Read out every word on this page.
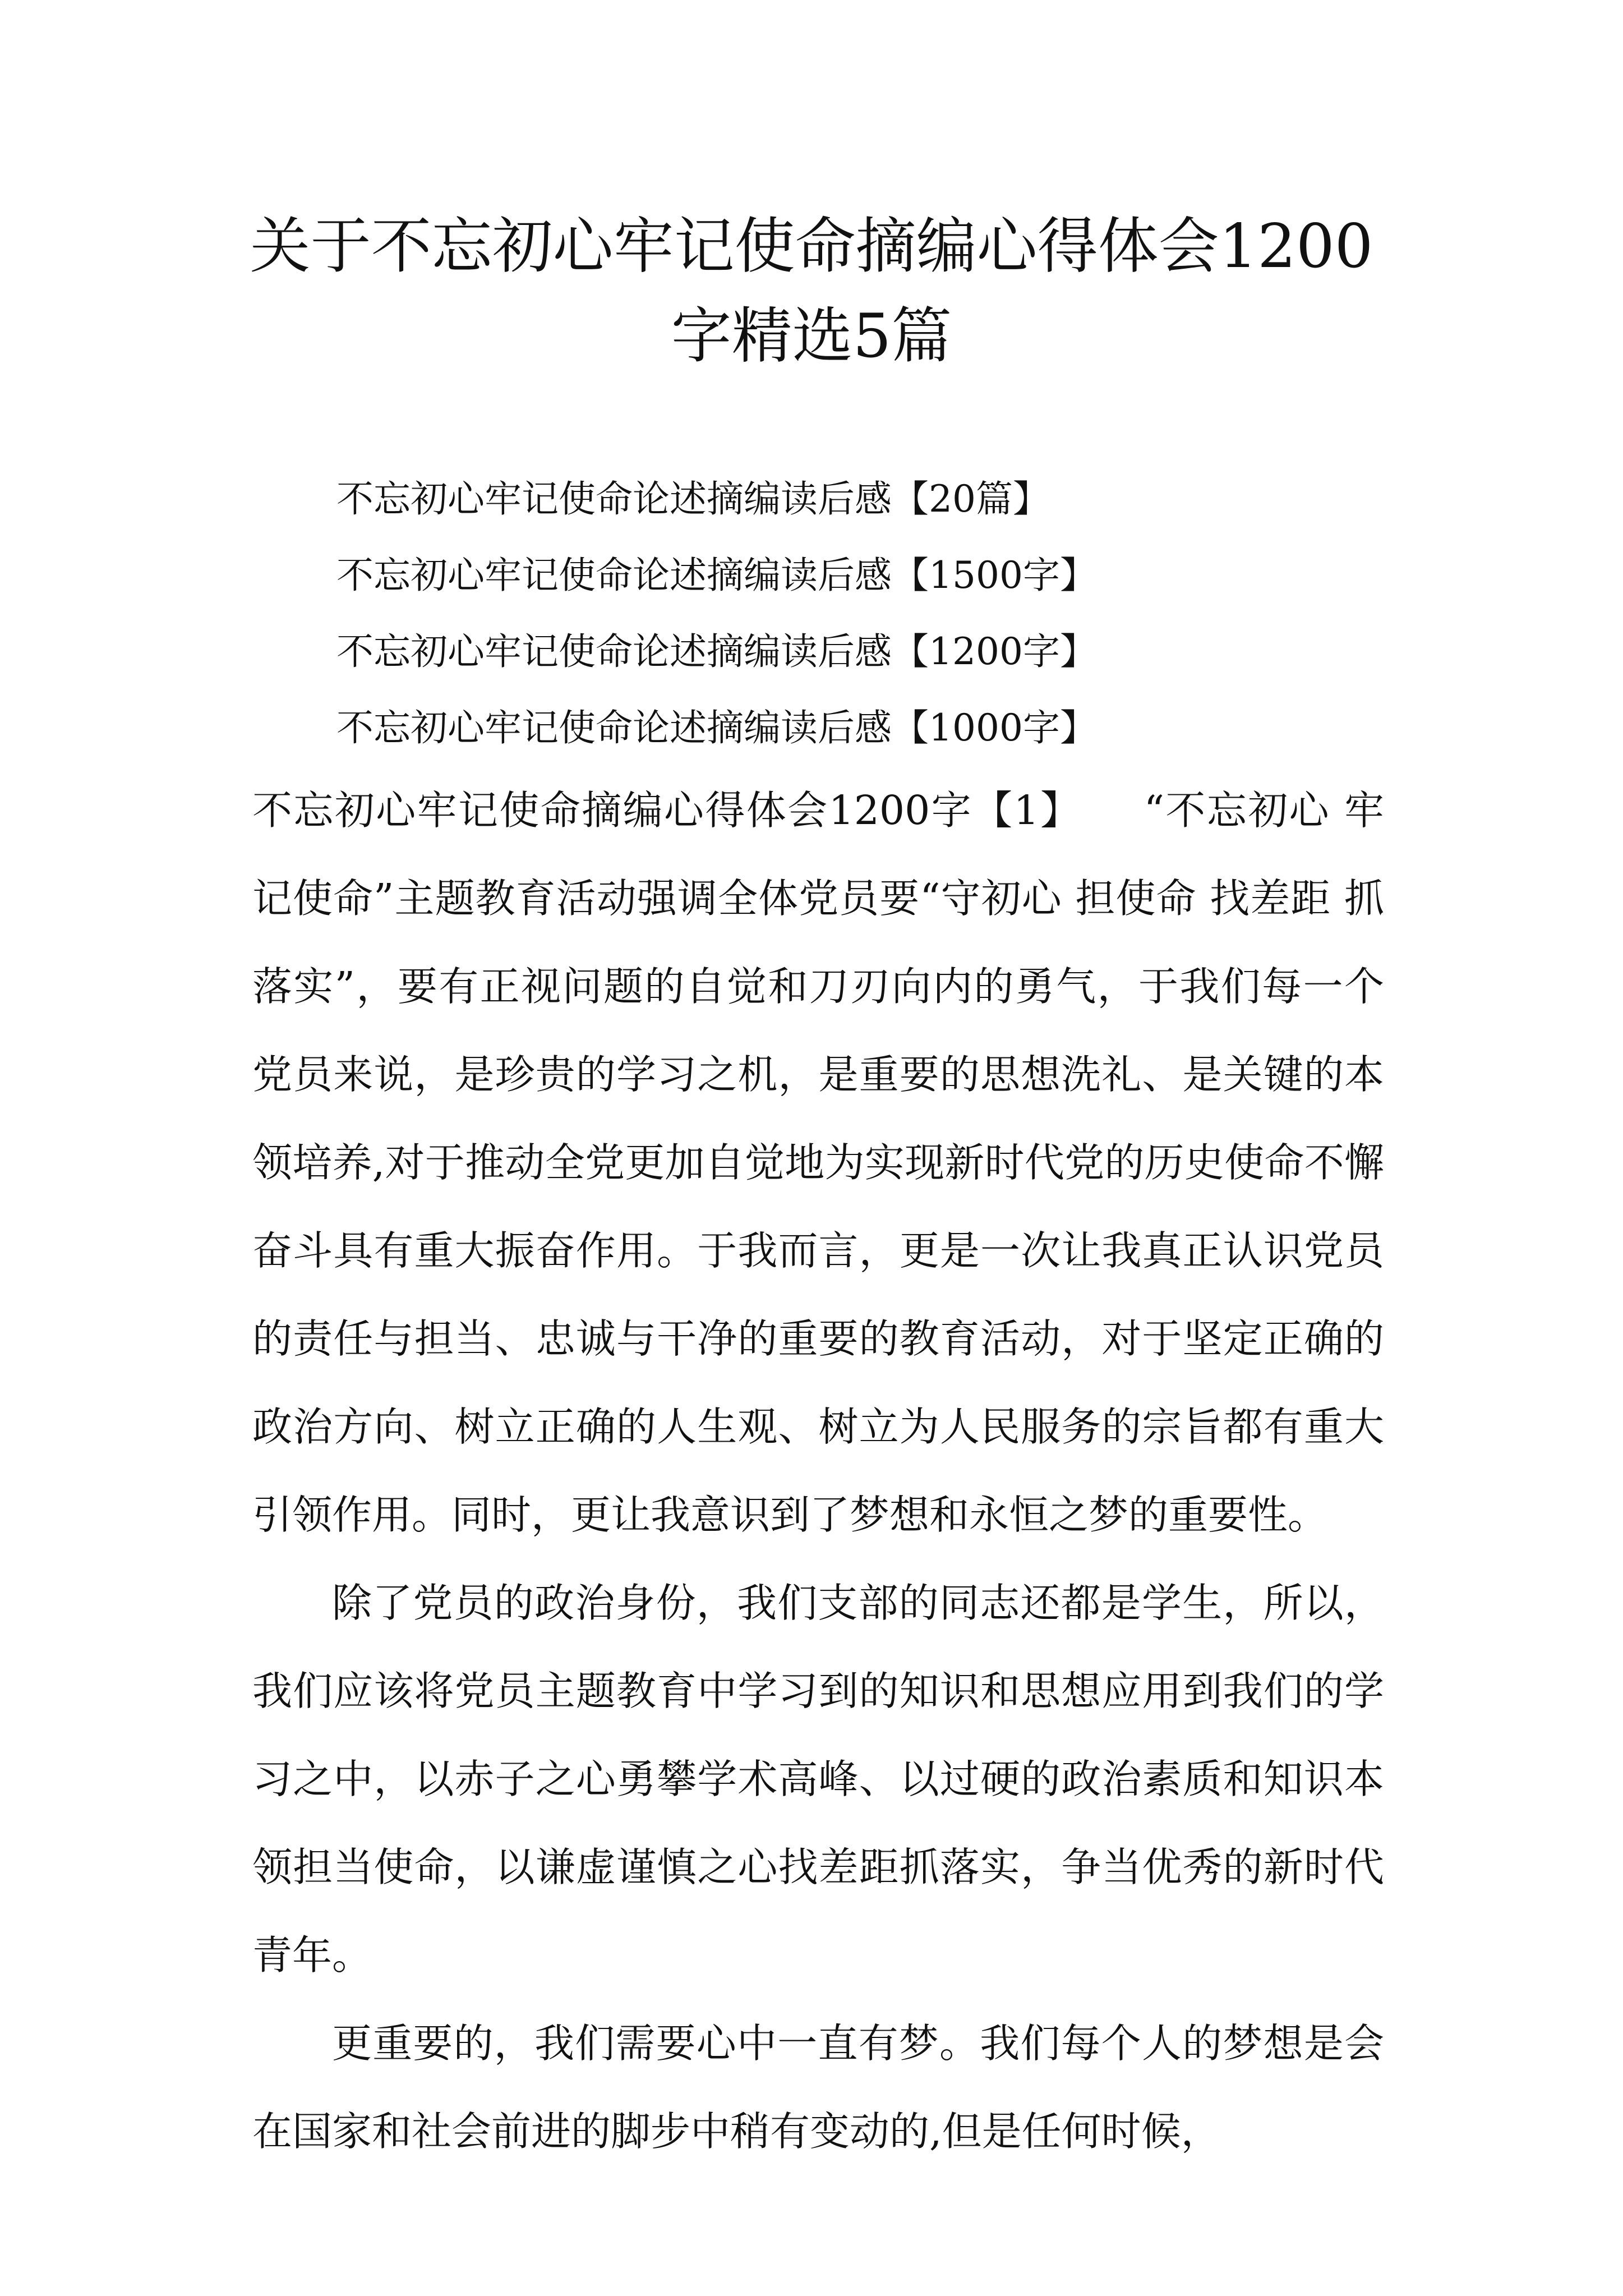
关于不忘初心牢记使命摘编心得体会1200
字精选5篇
不忘初心牢记使命论述摘编读后感【20篇】
不忘初心牢记使命论述摘编读后感【1500字】
不忘初心牢记使命论述摘编读后感【1200字】
不忘初心牢记使命论述摘编读后感【1000字】

不忘初心牢记使命摘编心得体会1200字【1】　　“不忘初心 牢记使命”主题教育活动强调全体党员要“守初心 担使命 找差距 抓落实”，要有正视问题的自觉和刀刃向内的勇气，于我们每一个党员来说，是珍贵的学习之机，是重要的思想洗礼、是关键的本领培养,对于推动全党更加自觉地为实现新时代党的历史使命不懈奋斗具有重大振奋作用。于我而言，更是一次让我真正认识党员的责任与担当、忠诚与干净的重要的教育活动，对于坚定正确的政治方向、树立正确的人生观、树立为人民服务的宗旨都有重大引领作用。同时，更让我意识到了梦想和永恒之梦的重要性。

除了党员的政治身份，我们支部的同志还都是学生，所以，我们应该将党员主题教育中学习到的知识和思想应用到我们的学习之中，以赤子之心勇攀学术高峰、以过硬的政治素质和知识本领担当使命，以谦虚谨慎之心找差距抓落实，争当优秀的新时代青年。

更重要的，我们需要心中一直有梦。我们每个人的梦想是会在国家和社会前进的脚步中稍有变动的,但是任何时候，
